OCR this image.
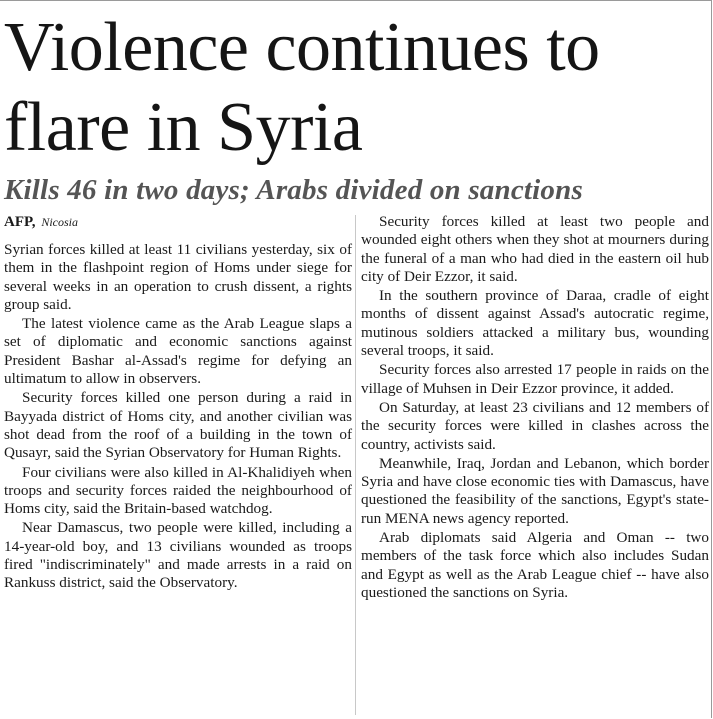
Violence continues to flare in Syria
Kills 46 in two days; Arabs divided on sanctions
AFP, Nicosia

Syrian forces killed at least 11 civilians yesterday, six of them in the flashpoint region of Homs under siege for several weeks in an operation to crush dissent, a rights group said.

The latest violence came as the Arab League slaps a set of diplomatic and economic sanctions against President Bashar al-Assad's regime for defying an ultimatum to allow in observers.

Security forces killed one person during a raid in Bayyada district of Homs city, and another civilian was shot dead from the roof of a building in the town of Qusayr, said the Syrian Observatory for Human Rights.

Four civilians were also killed in Al-Khalidiyeh when troops and security forces raided the neighbourhood of Homs city, said the Britain-based watchdog.

Near Damascus, two people were killed, including a 14-year-old boy, and 13 civilians wounded as troops fired "indiscriminately" and made arrests in a raid on Rankuss district, said the Observatory.

Security forces killed at least two people and wounded eight others when they shot at mourners during the funeral of a man who had died in the eastern oil hub city of Deir Ezzor, it said.

In the southern province of Daraa, cradle of eight months of dissent against Assad's autocratic regime, mutinous soldiers attacked a military bus, wounding several troops, it said.

Security forces also arrested 17 people in raids on the village of Muhsen in Deir Ezzor province, it added.

On Saturday, at least 23 civilians and 12 members of the security forces were killed in clashes across the country, activists said.

Meanwhile, Iraq, Jordan and Lebanon, which border Syria and have close economic ties with Damascus, have questioned the feasibility of the sanctions, Egypt's state-run MENA news agency reported.

Arab diplomats said Algeria and Oman -- two members of the task force which also includes Sudan and Egypt as well as the Arab League chief -- have also questioned the sanctions on Syria.
